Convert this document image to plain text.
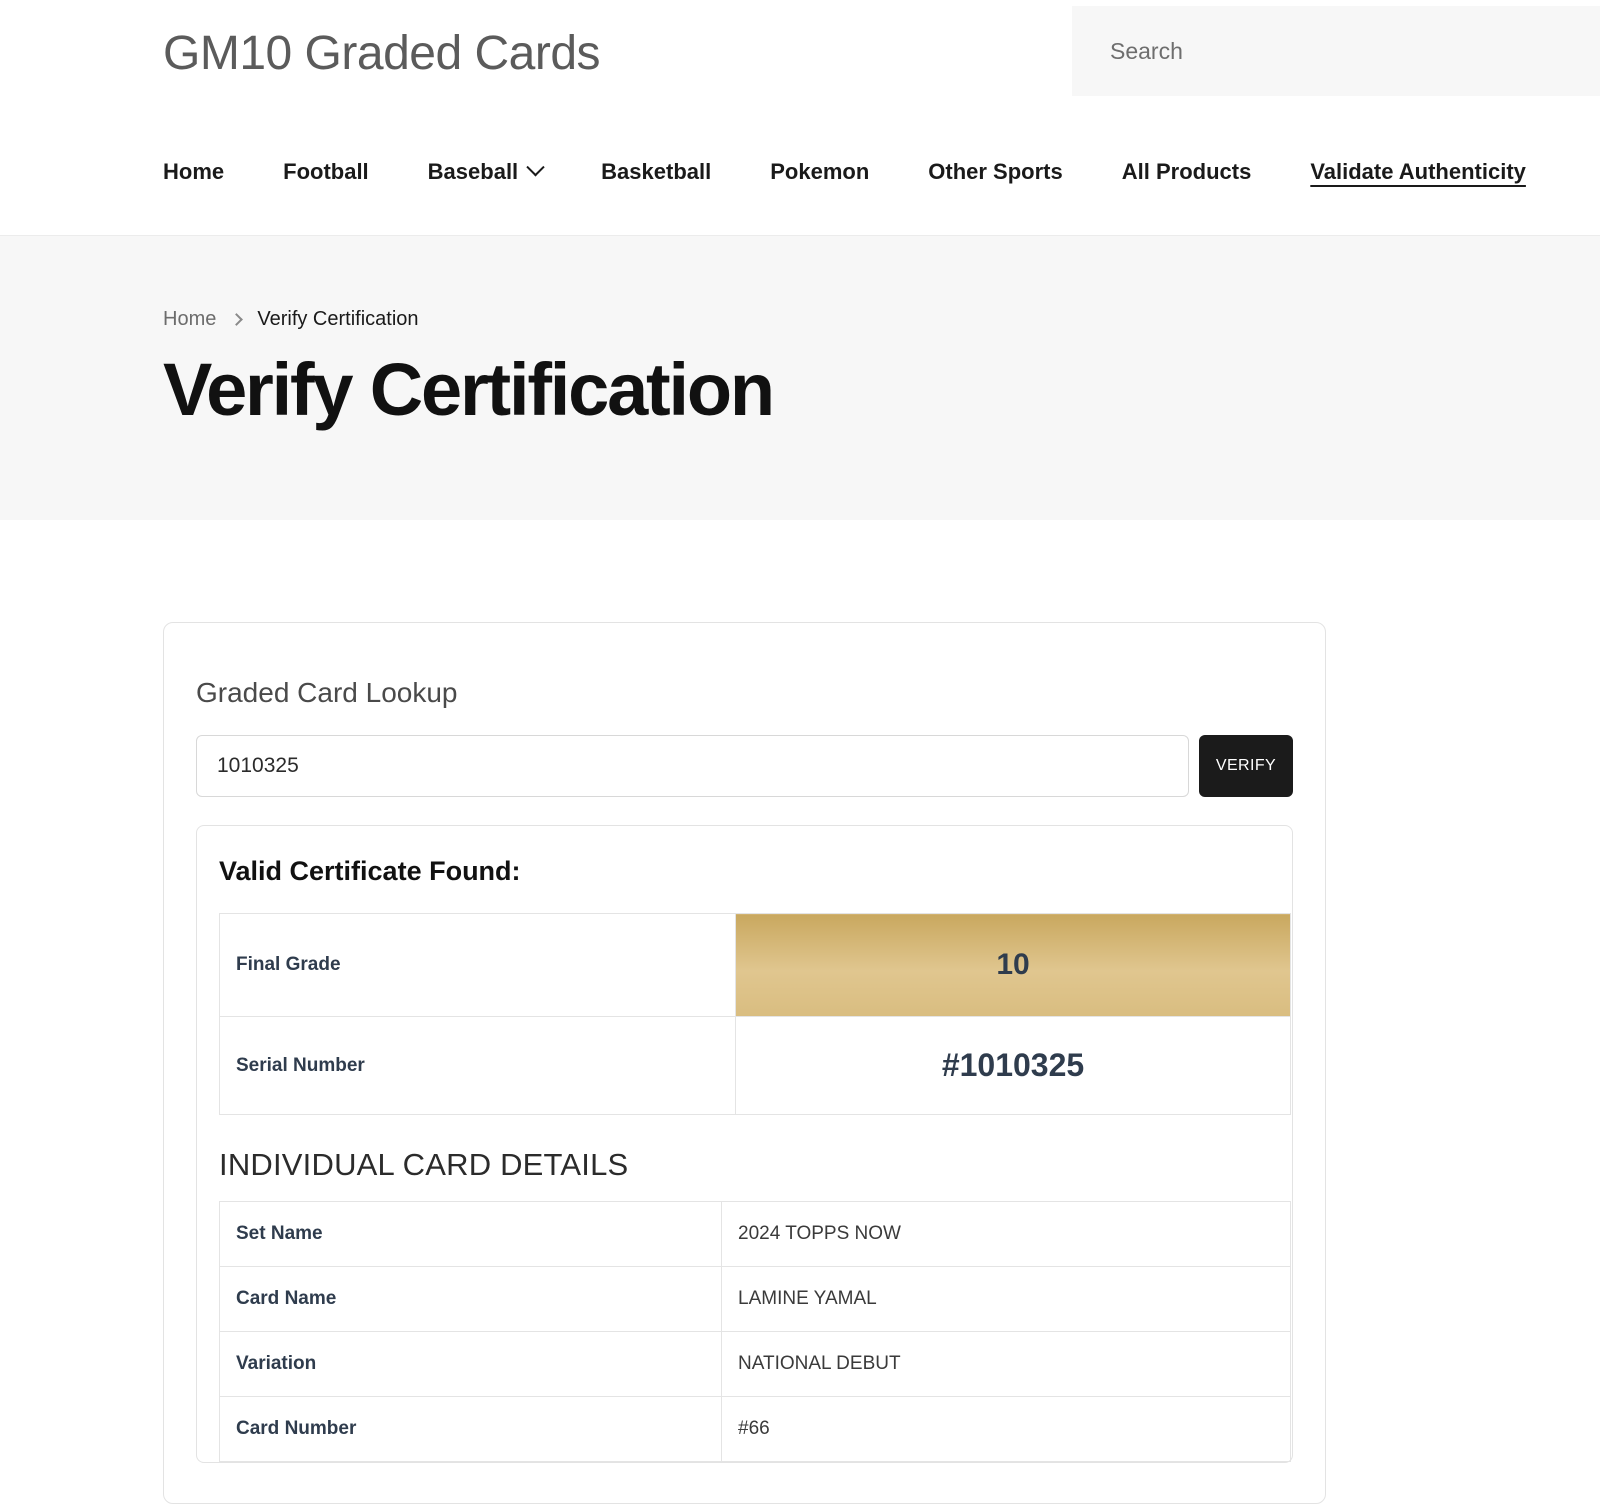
GM10 Graded Cards
Search
Home	Football	Baseball	Basketball	Pokemon	Other Sports	All Products	Validate Authenticity
Home Verify Certification
Verify Certification
Graded Card Lookup
1010325
VERIFY
Valid Certificate Found:
Final Grade	10
Serial Number	#1010325
INDIVIDUAL CARD DETAILS
Set Name	2024 TOPPS NOW
Card Name	LAMINE YAMAL
Variation	NATIONAL DEBUT
Card Number	#66
